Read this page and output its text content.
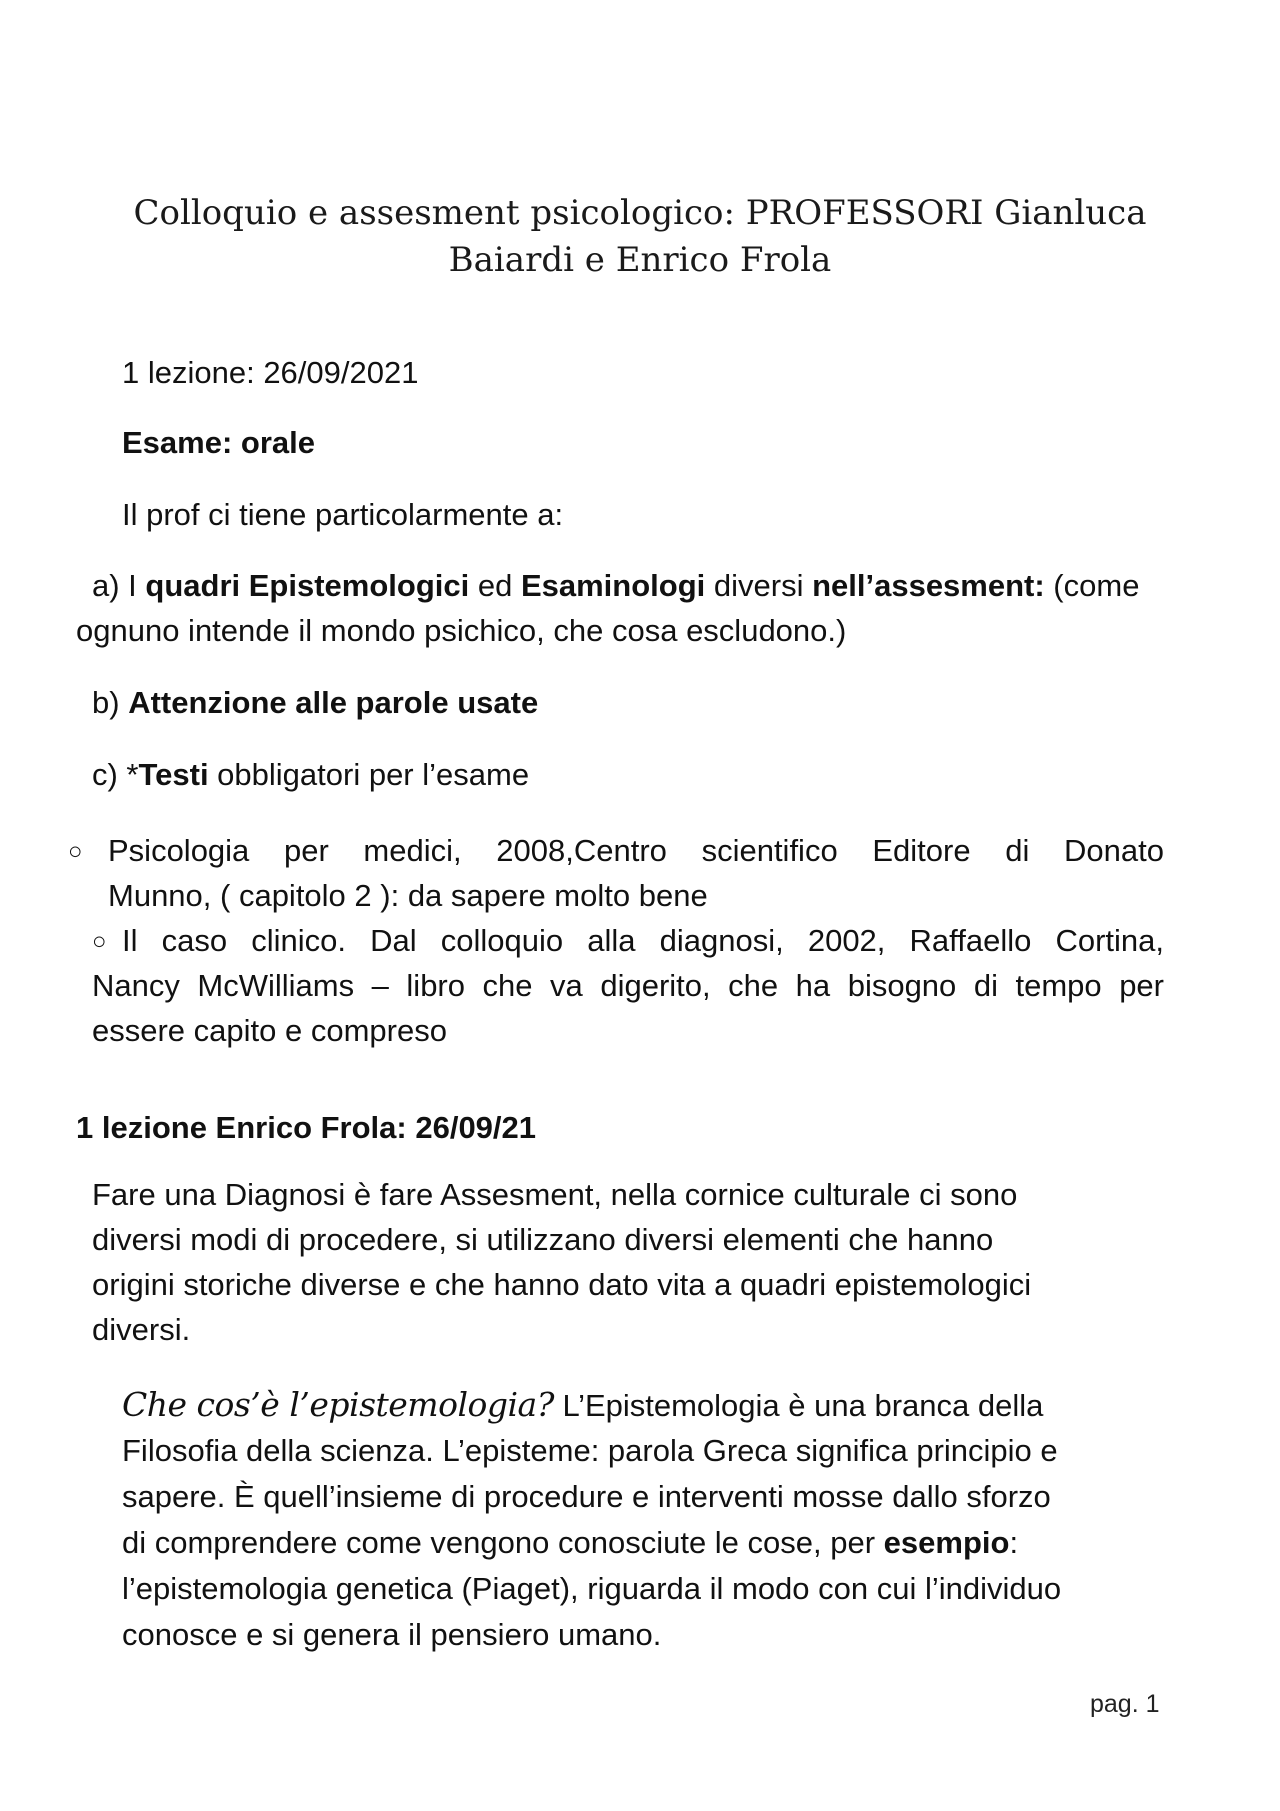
Colloquio e assesment psicologico: PROFESSORI Gianluca
Baiardi e Enrico Frola
1 lezione: 26/09/2021
Esame: orale
Il prof ci tiene particolarmente a:
a) I quadri Epistemologici ed Esaminologi diversi nell’assesment: (come
ognuno intende il mondo psichico, che cosa escludono.)
b) Attenzione alle parole usate
c) *Testi obbligatori per l’esame
○ Psicologia per medici, 2008,Centro scientifico Editore di Donato
Munno, ( capitolo 2 ): da sapere molto bene
○ Il caso clinico. Dal colloquio alla diagnosi, 2002, Raffaello Cortina,
Nancy McWilliams – libro che va digerito, che ha bisogno di tempo per
essere capito e compreso
1 lezione Enrico Frola: 26/09/21
Fare una Diagnosi è fare Assesment, nella cornice culturale ci sono
diversi modi di procedere, si utilizzano diversi elementi che hanno
origini storiche diverse e che hanno dato vita a quadri epistemologici
diversi.
Che cos’è l’epistemologia? L’Epistemologia è una branca della
Filosofia della scienza. L’episteme: parola Greca significa principio e
sapere. È quell’insieme di procedure e interventi mosse dallo sforzo
di comprendere come vengono conosciute le cose, per esempio:
l’epistemologia genetica (Piaget), riguarda il modo con cui l’individuo
conosce e si genera il pensiero umano.
pag. 1
